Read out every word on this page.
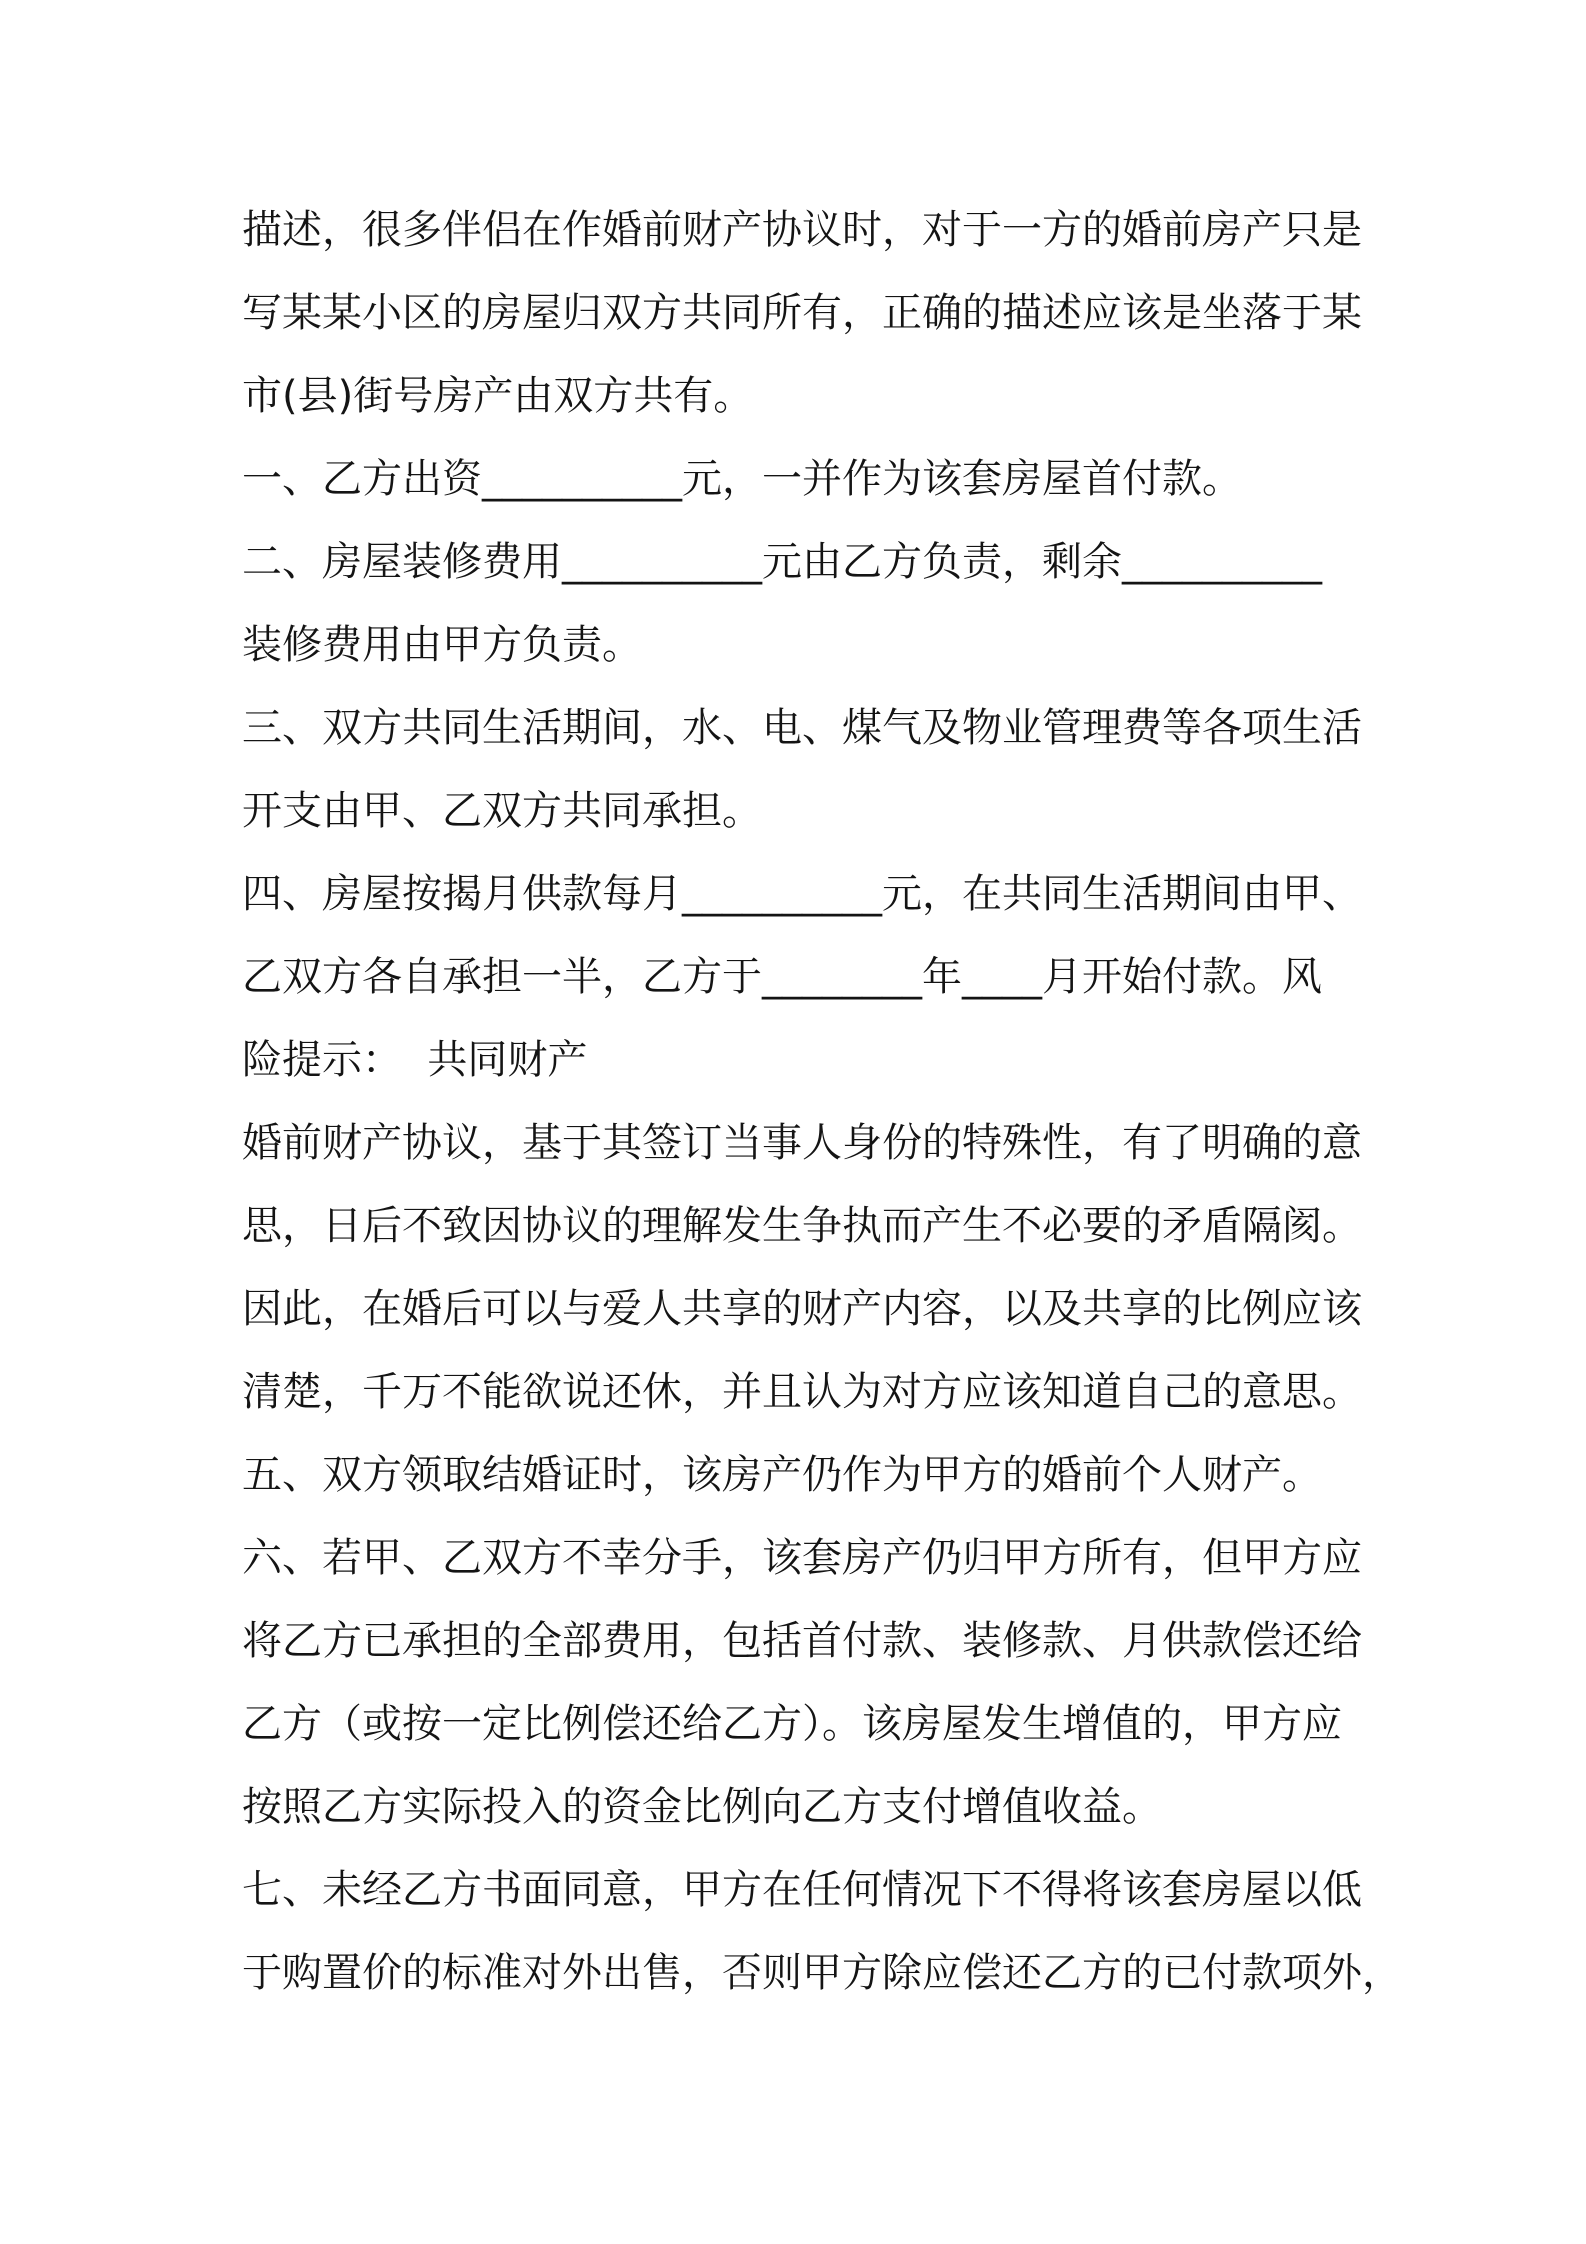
描述，很多伴侣在作婚前财产协议时，对于一方的婚前房产只是
写某某小区的房屋归双方共同所有，正确的描述应该是坐落于某
市(县)街号房产由双方共有。
一、乙方出资__________元，一并作为该套房屋首付款。
二、房屋装修费用__________元由乙方负责，剩余__________
装修费用由甲方负责。
三、双方共同生活期间，水、电、煤气及物业管理费等各项生活
开支由甲、乙双方共同承担。
四、房屋按揭月供款每月__________元，在共同生活期间由甲、
乙双方各自承担一半，乙方于________年____月开始付款。风
险提示：  共同财产
婚前财产协议，基于其签订当事人身份的特殊性，有了明确的意
思，日后不致因协议的理解发生争执而产生不必要的矛盾隔阂。
因此，在婚后可以与爱人共享的财产内容，以及共享的比例应该
清楚，千万不能欲说还休，并且认为对方应该知道自己的意思。
五、双方领取结婚证时，该房产仍作为甲方的婚前个人财产。
六、若甲、乙双方不幸分手，该套房产仍归甲方所有，但甲方应
将乙方已承担的全部费用，包括首付款、装修款、月供款偿还给
乙方（或按一定比例偿还给乙方）。该房屋发生增值的，甲方应
按照乙方实际投入的资金比例向乙方支付增值收益。
七、未经乙方书面同意，甲方在任何情况下不得将该套房屋以低
于购置价的标准对外出售，否则甲方除应偿还乙方的已付款项外，
